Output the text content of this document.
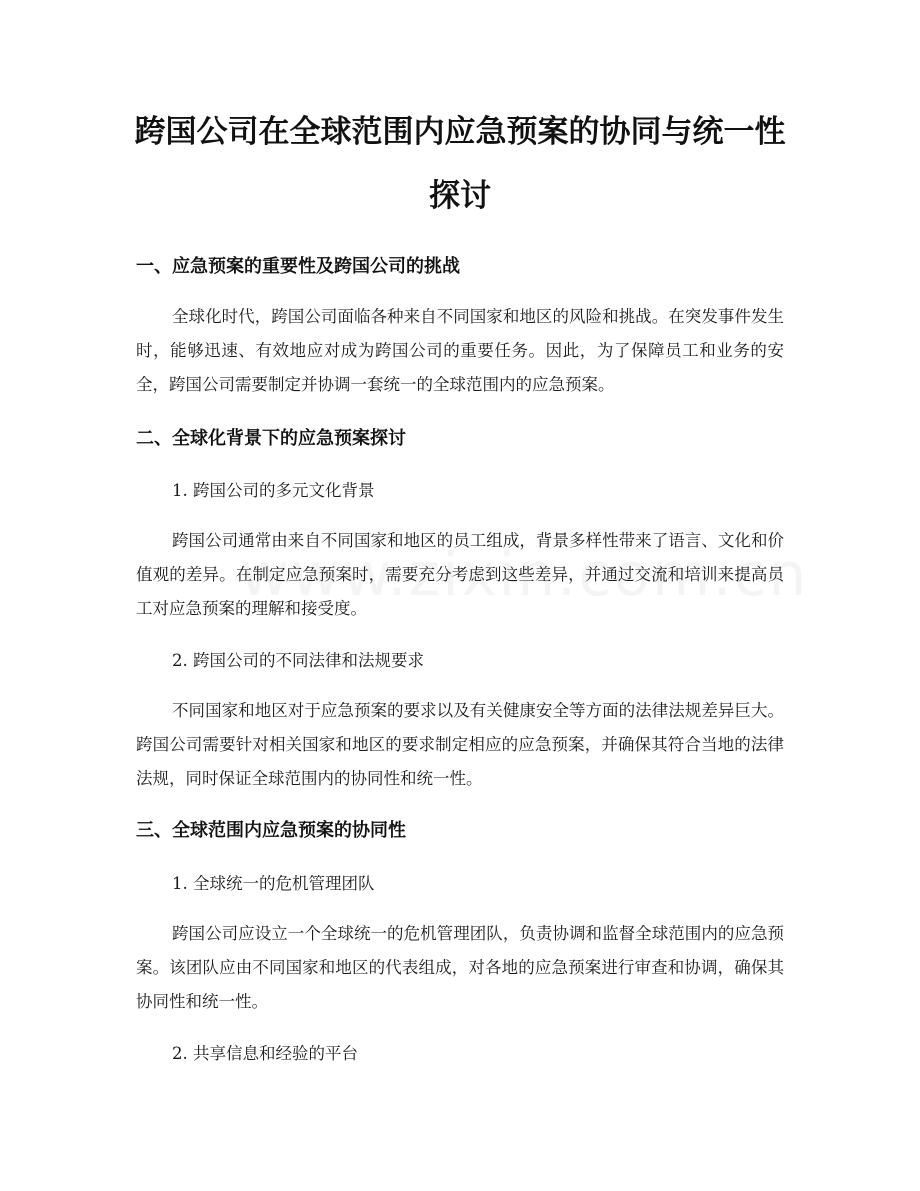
跨国公司在全球范围内应急预案的协同与统一性探讨
一、应急预案的重要性及跨国公司的挑战

全球化时代，跨国公司面临各种来自不同国家和地区的风险和挑战。在突发事件发生时，能够迅速、有效地应对成为跨国公司的重要任务。因此，为了保障员工和业务的安全，跨国公司需要制定并协调一套统一的全球范围内的应急预案。

二、全球化背景下的应急预案探讨

1. 跨国公司的多元文化背景

跨国公司通常由来自不同国家和地区的员工组成，背景多样性带来了语言、文化和价值观的差异。在制定应急预案时，需要充分考虑到这些差异，并通过交流和培训来提高员工对应急预案的理解和接受度。

2. 跨国公司的不同法律和法规要求

不同国家和地区对于应急预案的要求以及有关健康安全等方面的法律法规差异巨大。跨国公司需要针对相关国家和地区的要求制定相应的应急预案，并确保其符合当地的法律法规，同时保证全球范围内的协同性和统一性。

三、全球范围内应急预案的协同性

1. 全球统一的危机管理团队

跨国公司应设立一个全球统一的危机管理团队，负责协调和监督全球范围内的应急预案。该团队应由不同国家和地区的代表组成，对各地的应急预案进行审查和协调，确保其协同性和统一性。

2. 共享信息和经验的平台
